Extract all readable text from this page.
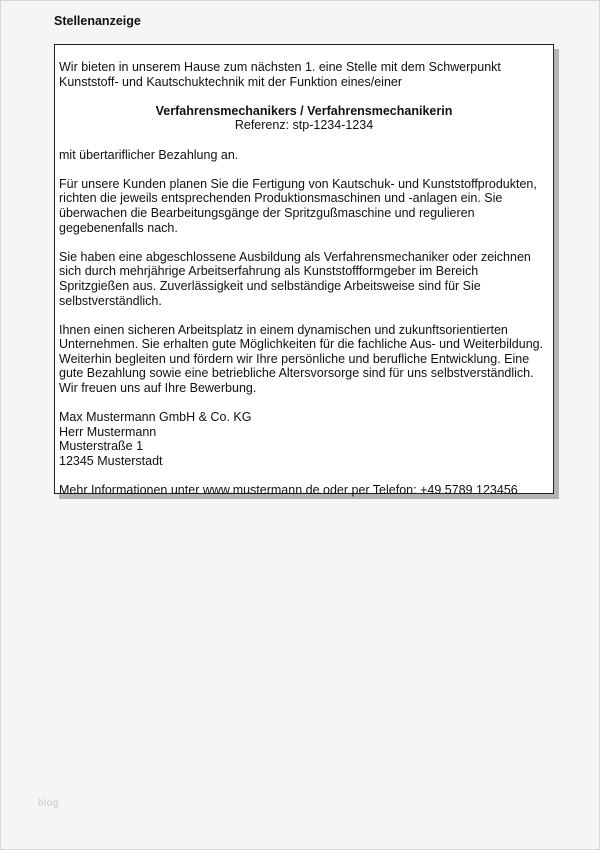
Stellenanzeige

Wir bieten in unserem Hause zum nächsten 1. eine Stelle mit dem Schwerpunkt Kunststoff- und Kautschuktechnik mit der Funktion eines/einer

Verfahrensmechanikers / Verfahrensmechanikerin
Referenz: stp-1234-1234

mit übertariflicher Bezahlung an.

Für unsere Kunden planen Sie die Fertigung von Kautschuk- und Kunststoffprodukten, richten die jeweils entsprechenden Produktionsmaschinen und -anlagen ein. Sie überwachen die Bearbeitungsgänge der Spritzgußmaschine und regulieren gegebenenfalls nach.

Sie haben eine abgeschlossene Ausbildung als Verfahrensmechaniker oder zeichnen sich durch mehrjährige Arbeitserfahrung als Kunststoffformgeber im Bereich Spritzgießen aus. Zuverlässigkeit und selbständige Arbeitsweise sind für Sie selbstverständlich.

Ihnen einen sicheren Arbeitsplatz in einem dynamischen und zukunftsorientierten Unternehmen. Sie erhalten gute Möglichkeiten für die fachliche Aus- und Weiterbildung. Weiterhin begleiten und fördern wir Ihre persönliche und berufliche Entwicklung. Eine gute Bezahlung sowie eine betriebliche Altersvorsorge sind für uns selbstverständlich. Wir freuen uns auf Ihre Bewerbung.

Max Mustermann GmbH & Co. KG
Herr Mustermann
Musterstraße 1
12345 Musterstadt

Mehr Informationen unter www.mustermann.de oder per Telefon: +49 5789 123456

blog
